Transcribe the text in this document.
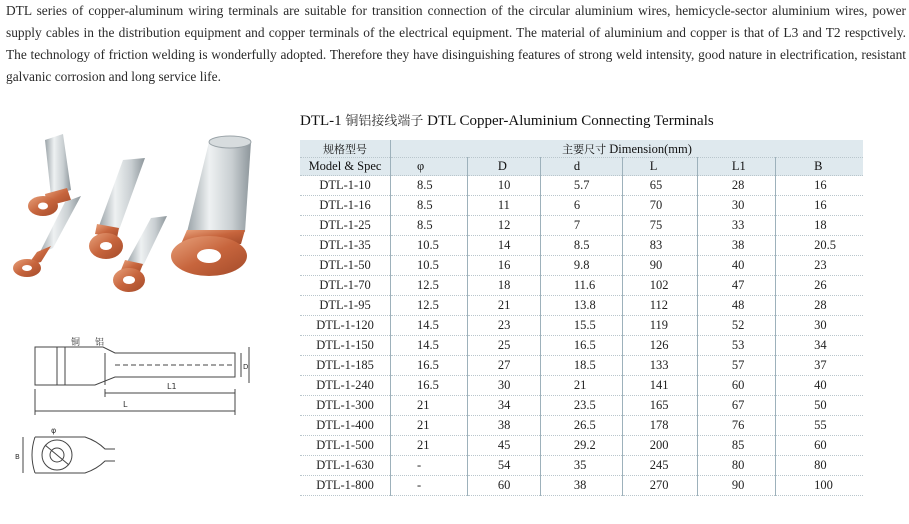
DTL series of copper-aluminum wiring terminals are suitable for transition connection of the circular aluminium wires, hemicycle-sector aluminium wires, power supply cables in the distribution equipment and copper terminals of the electrical equipment. The material of aluminium and copper is that of L3 and T2 respctively. The technology of friction welding is wonderfully adopted. Therefore they have disinguishing features of strong weld intensity, good nature in electrification, resistant galvanic corrosion and long service life.

DTL-1 铜铝接线端子 DTL Copper-Aluminium Connecting Terminals
铜 铝
L1
L
D
φ
B
规格型号	主要尺寸 Dimension(mm)					
Model & Spec	φ	D	d	L	L1	B
DTL-1-10	8.5	10	5.7	65	28	16
DTL-1-16	8.5	11	6	70	30	16
DTL-1-25	8.5	12	7	75	33	18
DTL-1-35	10.5	14	8.5	83	38	20.5
DTL-1-50	10.5	16	9.8	90	40	23
DTL-1-70	12.5	18	11.6	102	47	26
DTL-1-95	12.5	21	13.8	112	48	28
DTL-1-120	14.5	23	15.5	119	52	30
DTL-1-150	14.5	25	16.5	126	53	34
DTL-1-185	16.5	27	18.5	133	57	37
DTL-1-240	16.5	30	21	141	60	40
DTL-1-300	21	34	23.5	165	67	50
DTL-1-400	21	38	26.5	178	76	55
DTL-1-500	21	45	29.2	200	85	60
DTL-1-630	-	54	35	245	80	80
DTL-1-800	-	60	38	270	90	100
